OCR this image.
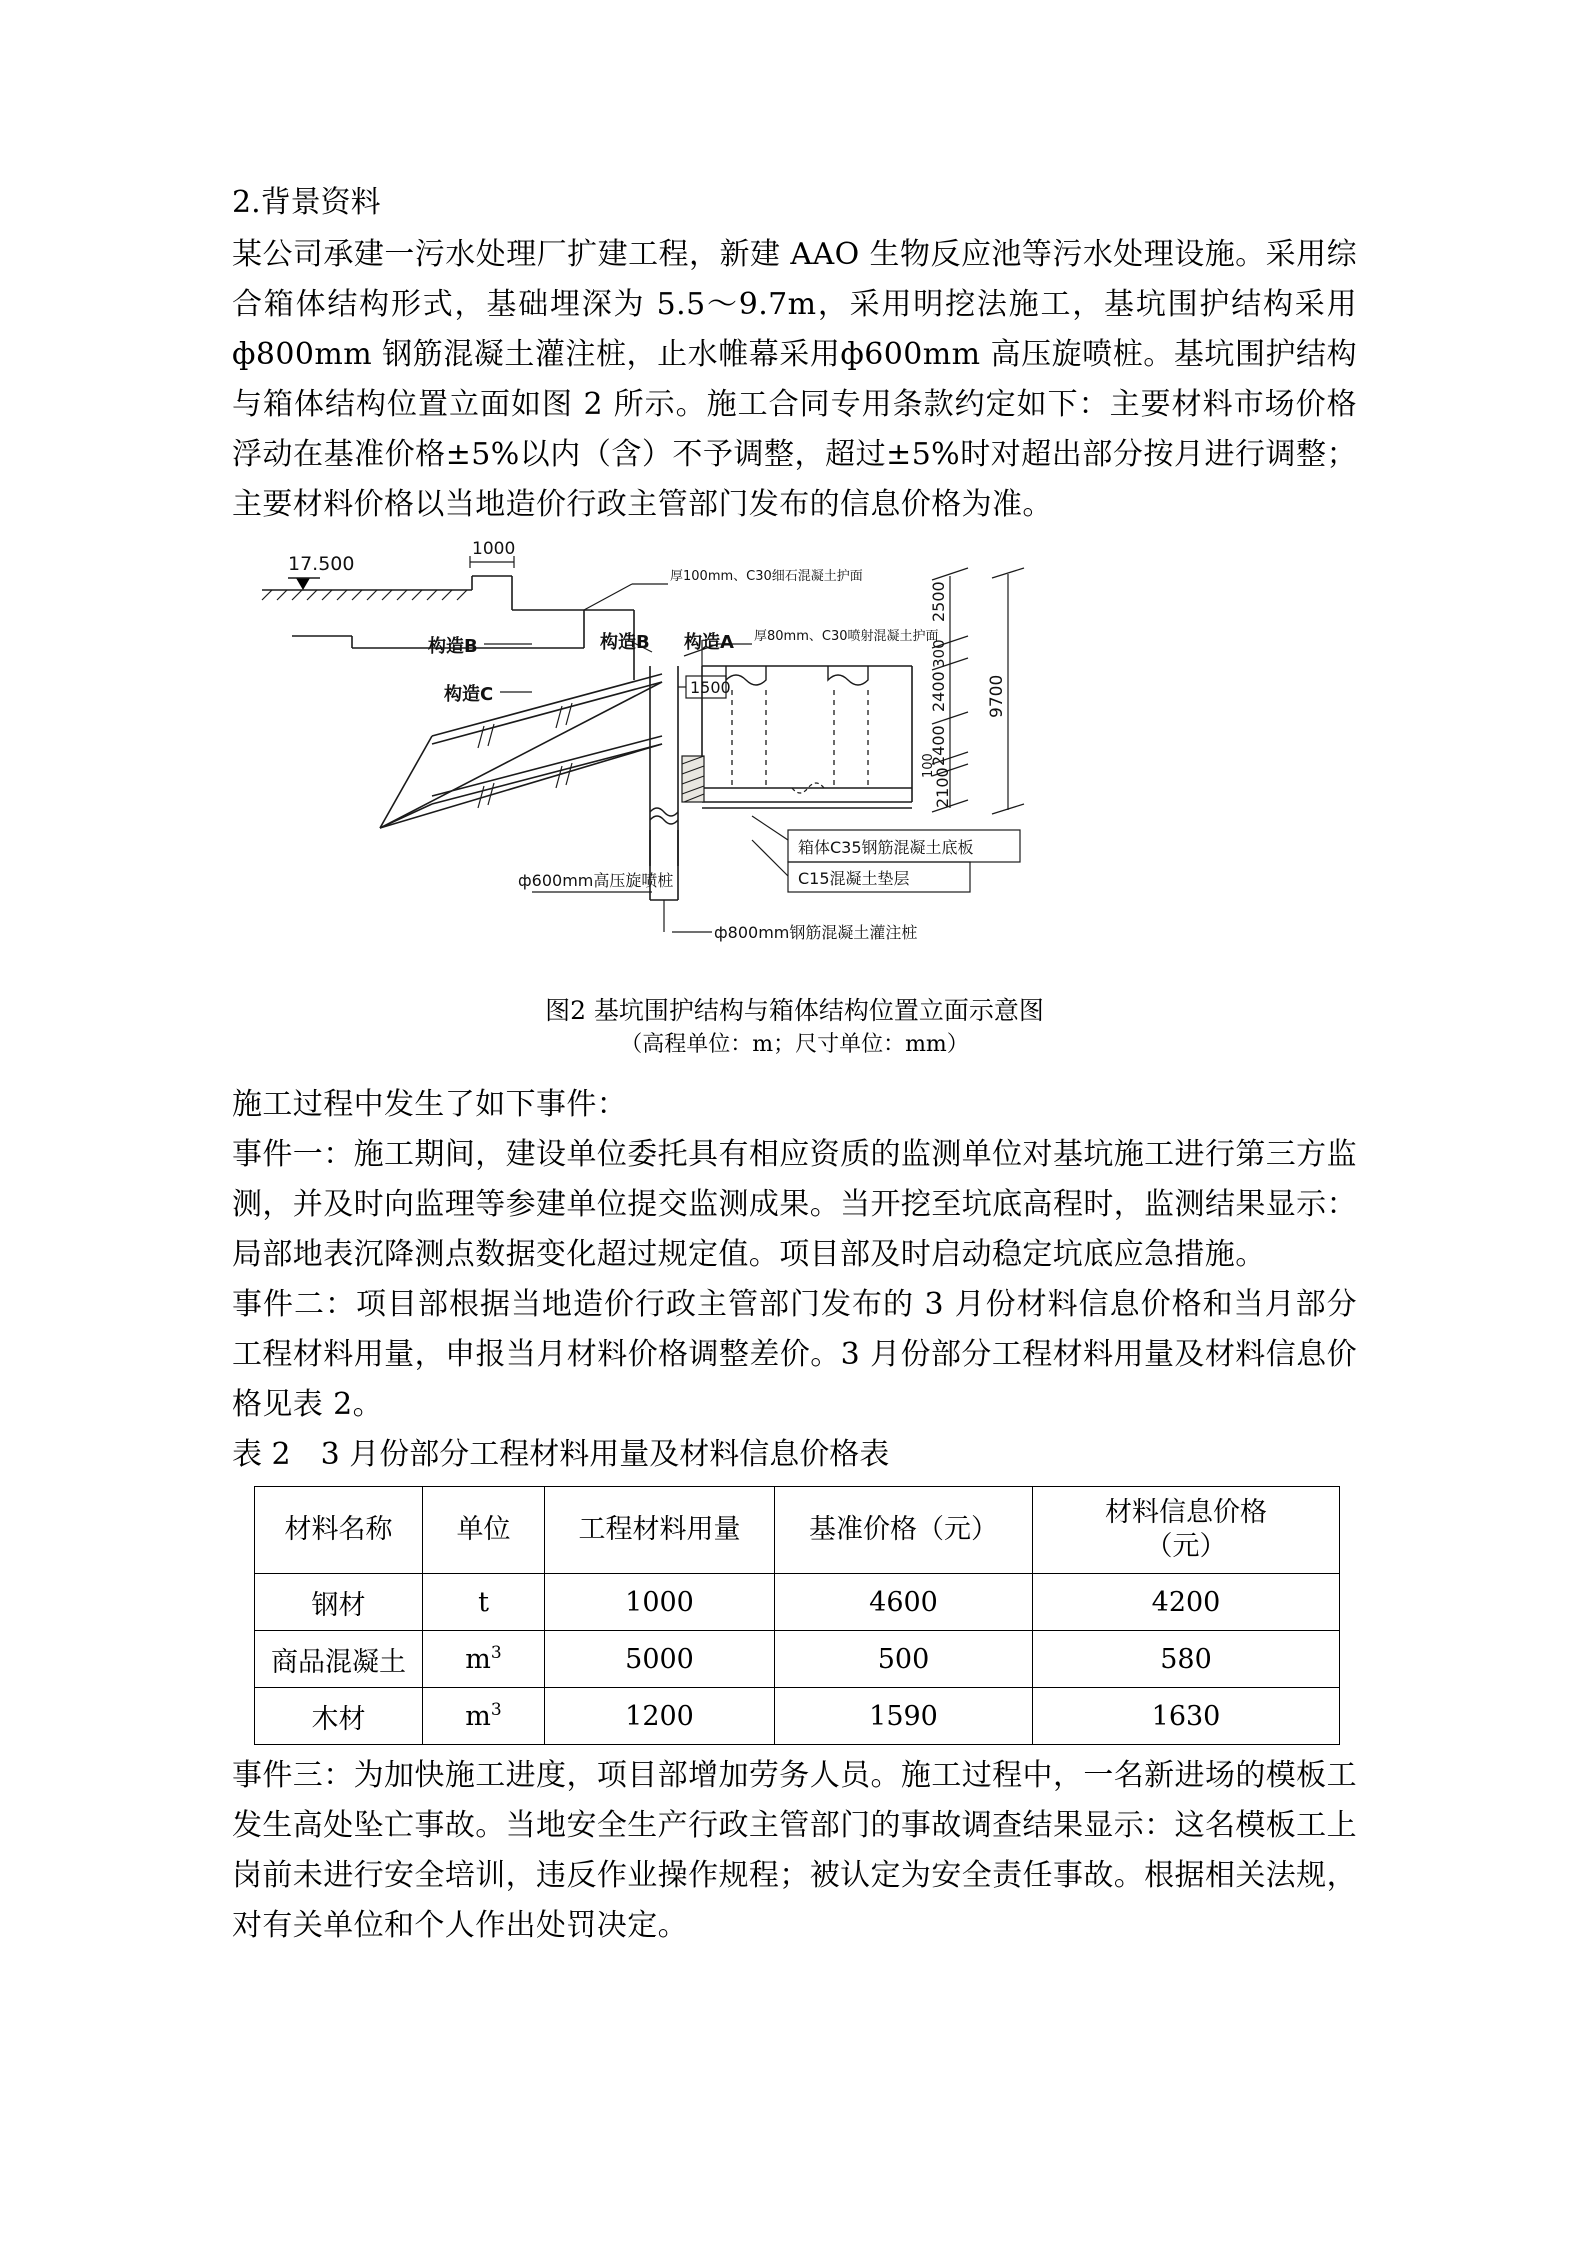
2.背景资料

某公司承建一污水处理厂扩建工程，新建 AAO 生物反应池等污水处理设施。采用综合箱体结构形式，基础埋深为 5.5～9.7m，采用明挖法施工，基坑围护结构采用 ф800mm 钢筋混凝土灌注桩，止水帷幕采用ф600mm 高压旋喷桩。基坑围护结构与箱体结构位置立面如图 2 所示。施工合同专用条款约定如下：主要材料市场价格浮动在基准价格±5%以内（含）不予调整，超过±5%时对超出部分按月进行调整；主要材料价格以当地造价行政主管部门发布的信息价格为准。

17.500
1000
厚100mm、C30细石混凝土护面
厚80mm、C30喷射混凝土护面
构造B	构造B 构造A
构造C	1500
2500
300
2400
2400
100
2100
9700
箱体C35钢筋混凝土底板
C15混凝土垫层
ф600mm高压旋喷桩
ф800mm钢筋混凝土灌注桩
图2 基坑围护结构与箱体结构位置立面示意图
（高程单位：m；尺寸单位：mm）

施工过程中发生了如下事件：

事件一：施工期间，建设单位委托具有相应资质的监测单位对基坑施工进行第三方监测，并及时向监理等参建单位提交监测成果。当开挖至坑底高程时，监测结果显示：局部地表沉降测点数据变化超过规定值。项目部及时启动稳定坑底应急措施。

事件二：项目部根据当地造价行政主管部门发布的 3 月份材料信息价格和当月部分工程材料用量，申报当月材料价格调整差价。3 月份部分工程材料用量及材料信息价格见表 2。

表 2　3 月份部分工程材料用量及材料信息价格表
材料名称	单位	工程材料用量	基准价格（元）	材料信息价格
（元）
钢材	t	1000	4600	4200
商品混凝土	$m^3$	5000	500	580
木材	$m^3$	1200	1590	1630

事件三：为加快施工进度，项目部增加劳务人员。施工过程中，一名新进场的模板工发生高处坠亡事故。当地安全生产行政主管部门的事故调查结果显示：这名模板工上岗前未进行安全培训，违反作业操作规程；被认定为安全责任事故。根据相关法规，对有关单位和个人作出处罚决定。
